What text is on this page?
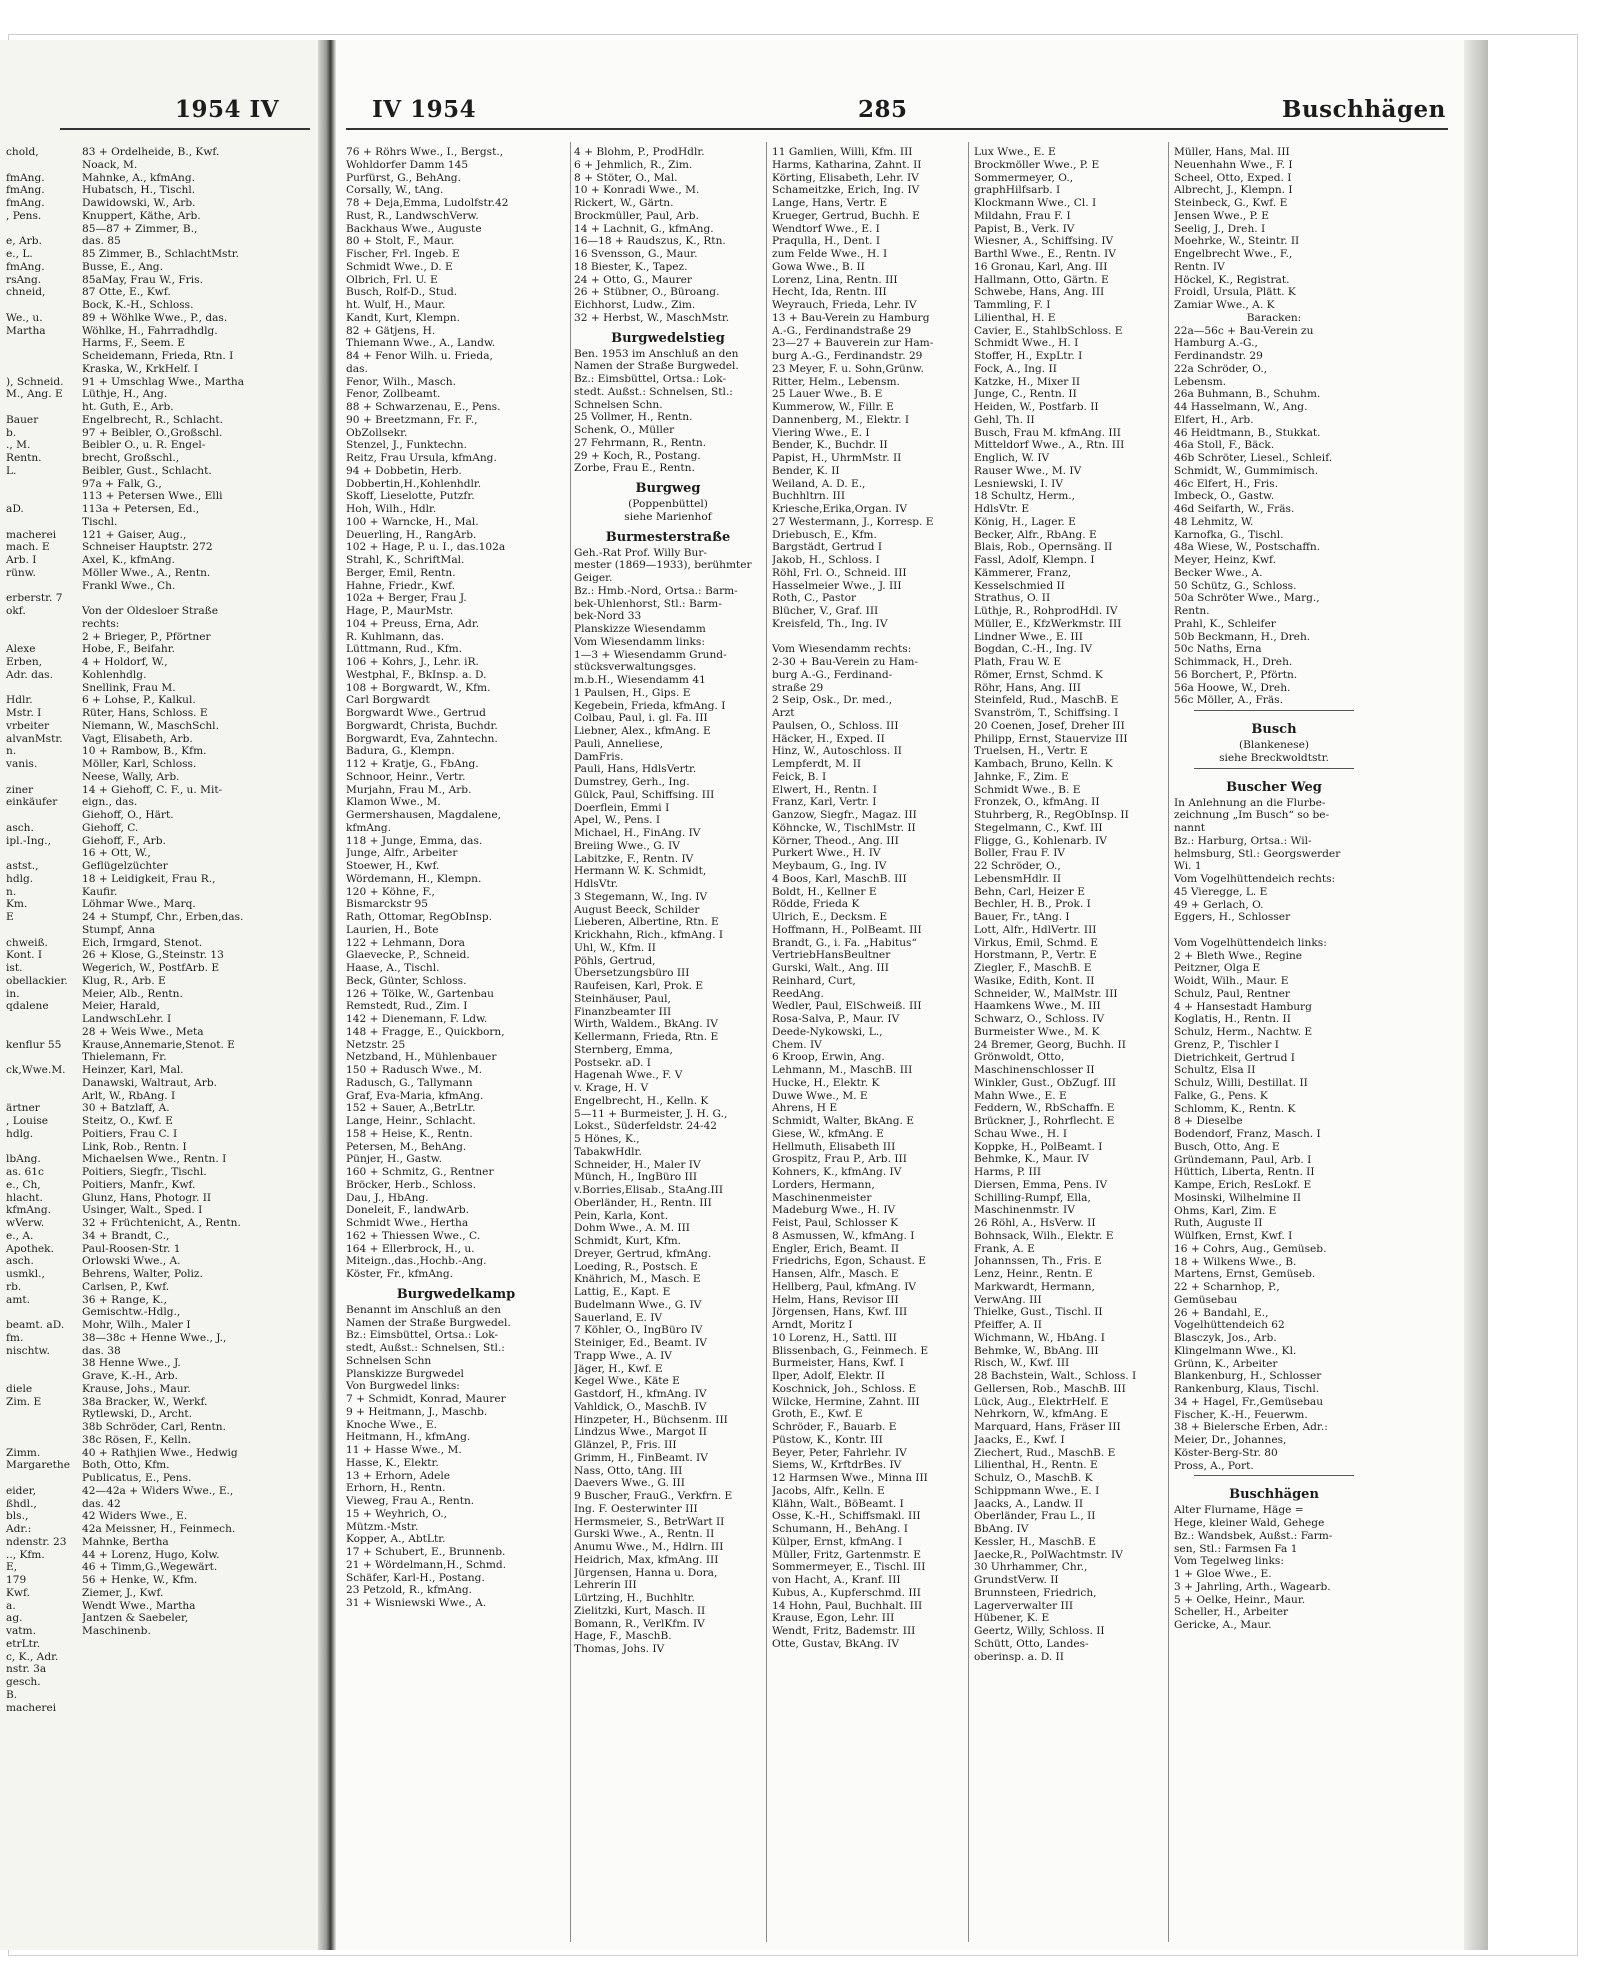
chold,

fmAng.
fmAng.
fmAng.
, Pens.

e, Arb.
e., L.
fmAng.
rsAng.
chneid,

We., u.
Martha

), Schneid.
M., Ang. E

Bauer
b.
., M.
Rentn.
L.

aD.

macherei
mach. E
Arb. I
rünw.

erberstr. 7
okf.

Alexe
Erben,
Adr. das.

Hdlr.
Mstr. I
vrbeiter
alvanMstr.
n.
vanis.

ziner
einkäufer

asch.
ipl.-Ing.,

astst.,
hdlg.
n.
Km.
E

chweiß.
Kont. I
ist.
obellackier.
in.
qdalene

kenflur 55

ck,Wwe.M.

ärtner
, Louise
hdlg.

lbAng.
as. 61c
e., Ch,
hlacht.
kfmAng.
wVerw.
e., A.
Apothek.
asch.
usmkl.,
rb.
amt.

beamt. aD.
fm.
nischtw.

diele
Zim. E

Zimm.
Margarethe

eider,
ßhdl.,
bls.,
Adr.:
ndenstr. 23
.., Kfm.
E,
179
Kwf.
a.
ag.
vatm.
etrLtr.
c, K., Adr.
nstr. 3a
gesch.
B.
macherei
1954 IV	IV 1954	285	Buschhägen
83 + Ordelheide, B., Kwf.
Noack, M.
Mahnke, A., kfmAng.
Hubatsch, H., Tischl.
Dawidowski, W., Arb.
Knuppert, Käthe, Arb.
85—87 + Zimmer, B.,
das. 85
85 Zimmer, B., SchlachtMstr.
Busse, E., Ang.
85aMay, Frau W., Fris.
87 Otte, E., Kwf.
Bock, K.-H., Schloss.
89 + Wöhlke Wwe., P., das.
Wöhlke, H., Fahrradhdlg.
Harms, F., Seem. E
Scheidemann, Frieda, Rtn. I
Kraska, W., KrkHelf. I
91 + Umschlag Wwe., Martha
Lüthje, H., Ang.
ht. Guth, E., Arb.
Engelbrecht, R., Schlacht.
97 + Beibler, O.,Großschl.
Beibler O., u. R. Engel-
brecht, Großschl.,
Beibler, Gust., Schlacht.
97a + Falk, G.,
113 + Petersen Wwe., Elli
113a + Petersen, Ed.,
Tischl.
121 + Gaiser, Aug.,
Schneiser Hauptstr. 272
Axel, K., kfmAng.
Möller Wwe., A., Rentn.
Frankl Wwe., Ch.

Von der Oldesloer Straße
rechts:
2 + Brieger, P., Pförtner
Hobe, F., Beifahr.
4 + Holdorf, W.,
Kohlenhdlg.
Snellink, Frau M.
6 + Lohse, P., Kalkul.
Rüter, Hans, Schloss. E
Niemann, W., MaschSchl.
Vagt, Elisabeth, Arb.
10 + Rambow, B., Kfm.
Möller, Karl, Schloss.
Neese, Wally, Arb.
14 + Giehoff, C. F., u. Mit-
eign., das.
Giehoff, O., Härt.
Giehoff, C.
Giehoff, F., Arb.
16 + Ott, W.,
Geflügelzüchter
18 + Leidigkeit, Frau R.,
Kaufir.
Löhmar Wwe., Marq.
24 + Stumpf, Chr., Erben,das.
Stumpf, Anna
Eich, Irmgard, Stenot.
26 + Klose, G.,Steinstr. 13
Wegerich, W., PostfArb. E
Klug, R., Arb. E
Meier, Alb., Rentn.
Meier, Harald,
LandwschLehr. I
28 + Weis Wwe., Meta
Krause,Annemarie,Stenot. E
Thielemann, Fr.
Heinzer, Karl, Mal.
Danawski, Waltraut, Arb.
Arlt, W., RbAng. I
30 + Batzlaff, A.
Steitz, O., Kwf. E
Poitiers, Frau C. I
Link, Rob., Rentn. I
Michaelsen Wwe., Rentn. I
Poitiers, Siegfr., Tischl.
Poitiers, Manfr., Kwf.
Glunz, Hans, Photogr. II
Usinger, Walt., Sped. I
32 + Früchtenicht, A., Rentn.
34 + Brandt, C.,
Paul-Roosen-Str. 1
Orlowski Wwe., A.
Behrens, Walter, Poliz.
Carlsen, P., Kwf.
36 + Range, K.,
Gemischtw.-Hdlg.,
Mohr, Wilh., Maler I
38—38c + Henne Wwe., J.,
das. 38
38 Henne Wwe., J.
Grave, K.-H., Arb.
Krause, Johs., Maur.
38a Bracker, W., Werkf.
Rytlewski, D., Archt.
38b Schröder, Carl, Rentn.
38c Rösen, F., Kelln.
40 + Rathjien Wwe., Hedwig
Both, Otto, Kfm.
Publicatus, E., Pens.
42—42a + Widers Wwe., E.,
das. 42
42 Widers Wwe., E.
42a Meissner, H., Feinmech.
Mahnke, Bertha
44 + Lorenz, Hugo, Kolw.
46 + Timm,G.,Wegewärt.
56 + Henke, W., Kfm.
Ziemer, J., Kwf.
Wendt Wwe., Martha
Jantzen & Saebeler,
Maschinenb.
76 + Röhrs Wwe., I., Bergst.,
Wohldorfer Damm 145
Purfürst, G., BehAng.
Corsally, W., tAng.
78 + Deja,Emma, Ludolfstr.42
Rust, R., LandwschVerw.
Backhaus Wwe., Auguste
80 + Stolt, F., Maur.
Fischer, Frl. Ingeb. E
Schmidt Wwe., D. E
Olbrich, Frl. U. E
Busch, Rolf-D., Stud.
ht. Wulf, H., Maur.
Kandt, Kurt, Klempn.
82 + Gätjens, H.
Thiemann Wwe., A., Landw.
84 + Fenor Wilh. u. Frieda,
das.
Fenor, Wilh., Masch.
Fenor, Zollbeamt.
88 + Schwarzenau, E., Pens.
90 + Breetzmann, Fr. F.,
ObZollsekr.
Stenzel, J., Funktechn.
Reitz, Frau Ursula, kfmAng.
94 + Dobbetin, Herb.
Dobbertin,H.,Kohlenhdlr.
Skoff, Lieselotte, Putzfr.
Hoh, Wilh., Hdlr.
100 + Warncke, H., Mal.
Deuerling, H., RangArb.
102 + Hage, P. u. I., das.102a
Strahl, K., SchriftMal.
Berger, Emil, Rentn.
Hahne, Friedr., Kwf.
102a + Berger, Frau J.
Hage, P., MaurMstr.
104 + Preuss, Erna, Adr.
R. Kuhlmann, das.
Lüttmann, Rud., Kfm.
106 + Kohrs, J., Lehr. iR.
Westphal, F., BkInsp. a. D.
108 + Borgwardt, W., Kfm.
Carl Borgwardt
Borgwardt Wwe., Gertrud
Borgwardt, Christa, Buchdr.
Borgwardt, Eva, Zahntechn.
Badura, G., Klempn.
112 + Kratje, G., FbAng.
Schnoor, Heinr., Vertr.
Murjahn, Frau M., Arb.
Klamon Wwe., M.
Germershausen, Magdalene,
kfmAng.
118 + Junge, Emma, das.
Junge, Alfr., Arbeiter
Stoewer, H., Kwf.
Wördemann, H., Klempn.
120 + Köhne, F.,
Bismarckstr 95
Rath, Ottomar, RegObInsp.
Laurien, H., Bote
122 + Lehmann, Dora
Glaevecke, P., Schneid.
Haase, A., Tischl.
Beck, Günter, Schloss.
126 + Tölke, W., Gartenbau
Remstedt, Rud., Zim. I
142 + Dienemann, F. Ldw.
148 + Fragge, E., Quickborn,
Netzstr. 25
Netzband, H., Mühlenbauer
150 + Radusch Wwe., M.
Radusch, G., Tallymann
Graf, Eva-Maria, kfmAng.
152 + Sauer, A.,BetrLtr.
Lange, Heinr., Schlacht.
158 + Heise, K., Rentn.
Petersen, M., BehAng.
Pünjer, H., Gastw.
160 + Schmitz, G., Rentner
Bröcker, Herb., Schloss.
Dau, J., HbAng.
Doneleit, F., landwArb.
Schmidt Wwe., Hertha
162 + Thiessen Wwe., C.
164 + Ellerbrock, H., u.
Miteign.,das.,Hochb.-Ang.
Köster, Fr., kfmAng.
Burgwedelkamp
Benannt im Anschluß an den
Namen der Straße Burgwedel.
Bz.: Eimsbüttel, Ortsa.: Lok-
stedt, Außst.: Schnelsen, Stl.:
Schnelsen Schn
Planskizze Burgwedel
Von Burgwedel links:
7 + Schmidt, Konrad, Maurer
9 + Heitmann, J., Maschb.
Knoche Wwe., E.
Heitmann, H., kfmAng.
11 + Hasse Wwe., M.
Hasse, K., Elektr.
13 + Erhorn, Adele
Erhorn, H., Rentn.
Vieweg, Frau A., Rentn.
15 + Weyhrich, O.,
Mützm.-Mstr.
Kopper, A., AbtLtr.
17 + Schubert, E., Brunnenb.
21 + Wördelmann,H., Schmd.
Schäfer, Karl-H., Postang.
23 Petzold, R., kfmAng.
31 + Wisniewski Wwe., A.
4 + Blohm, P., ProdHdlr.
6 + Jehmlich, R., Zim.
8 + Stöter, O., Mal.
10 + Konradi Wwe., M.
Rickert, W., Gärtn.
Brockmüller, Paul, Arb.
14 + Lachnit, G., kfmAng.
16—18 + Raudszus, K., Rtn.
16 Svensson, G., Maur.
18 Biester, K., Tapez.
24 + Otto, G., Maurer
26 + Stübner, O., Büroang.
Eichhorst, Ludw., Zim.
32 + Herbst, W., MaschMstr.
Burgwedelstieg
Ben. 1953 im Anschluß an den
Namen der Straße Burgwedel.
Bz.: Eimsbüttel, Ortsa.: Lok-
stedt. Außst.: Schnelsen, Stl.:
Schnelsen Schn.
25 Vollmer, H., Rentn.
Schenk, O., Müller
27 Fehrmann, R., Rentn.
29 + Koch, R., Postang.
Zorbe, Frau E., Rentn.
Burgweg
(Poppenbüttel)
siehe Marienhof
Burmesterstraße
Geh.-Rat Prof. Willy Bur-
mester (1869—1933), berühmter
Geiger.
Bz.: Hmb.-Nord, Ortsa.: Barm-
bek-Uhlenhorst, Stl.: Barm-
bek-Nord 33
Planskizze Wiesendamm
Vom Wiesendamm links:
1—3 + Wiesendamm Grund-
stücksverwaltungsges.
m.b.H., Wiesendamm 41
1 Paulsen, H., Gips. E
Kegebein, Frieda, kfmAng. I
Colbau, Paul, i. gl. Fa. III
Liebner, Alex., kfmAng. E
Pauli, Anneliese,
DamFris.
Pauli, Hans, HdlsVertr.
Dumstrey, Gerh., Ing.
Gülck, Paul, Schiffsing. III
Doerflein, Emmi I
Apel, W., Pens. I
Michael, H., FinAng. IV
Breiing Wwe., G. IV
Labitzke, F., Rentn. IV
Hermann W. K. Schmidt,
HdlsVtr.
3 Stegemann, W., Ing. IV
August Beeck, Schilder
Lieberen, Albertine, Rtn. E
Krickhahn, Rich., kfmAng. I
Uhl, W., Kfm. II
Pöhls, Gertrud,
Übersetzungsbüro III
Raufeisen, Karl, Prok. E
Steinhäuser, Paul,
Finanzbeamter III
Wirth, Waldem., BkAng. IV
Kellermann, Frieda, Rtn. E
Sternberg, Emma,
Postsekr. aD. I
Hagenah Wwe., F. V
v. Krage, H. V
Engelbrecht, H., Kelln. K
5—11 + Burmeister, J. H. G.,
Lokst., Süderfeldstr. 24-42
5 Hönes, K.,
TabakwHdlr.
Schneider, H., Maler IV
Münch, H., IngBüro III
v.Borries,Elisab., StaAng.III
Oberländer, H., Rentn. III
Pein, Karla, Kont.
Dohm Wwe., A. M. III
Schmidt, Kurt, Kfm.
Dreyer, Gertrud, kfmAng.
Loeding, R., Postsch. E
Knährich, M., Masch. E
Lattig, E., Kapt. E
Budelmann Wwe., G. IV
Sauerland, E. IV
7 Köhler, O., IngBüro IV
Steiniger, Ed., Beamt. IV
Trapp Wwe., A. IV
Jäger, H., Kwf. E
Kegel Wwe., Käte E
Gastdorf, H., kfmAng. IV
Vahldick, O., MaschB. IV
Hinzpeter, H., Büchsenm. III
Lindzus Wwe., Margot II
Glänzel, P., Fris. III
Grimm, H., FinBeamt. IV
Nass, Otto, tAng. III
Daevers Wwe., G. III
9 Buscher, FrauG., Verkfrn. E
Ing. F. Oesterwinter III
Hermsmeier, S., BetrWart II
Gurski Wwe., A., Rentn. II
Anumu Wwe., M., Hdlrn. III
Heidrich, Max, kfmAng. III
Jürgensen, Hanna u. Dora,
Lehrerin III
Lürtzing, H., Buchhltr.
Zielitzki, Kurt, Masch. II
Bomann, R., VerlKfm. IV
Hage, F., MaschB.
Thomas, Johs. IV
11 Gamlien, Willi, Kfm. III
Harms, Katharina, Zahnt. II
Körting, Elisabeth, Lehr. IV
Schameitzke, Erich, Ing. IV
Lange, Hans, Vertr. E
Krueger, Gertrud, Buchh. E
Wendtorf Wwe., E. I
Praqulla, H., Dent. I
zum Felde Wwe., H. I
Gowa Wwe., B. II
Lorenz, Lina, Rentn. III
Hecht, Ida, Rentn. III
Weyrauch, Frieda, Lehr. IV
13 + Bau-Verein zu Hamburg
A.-G., Ferdinandstraße 29
23—27 + Bauverein zur Ham-
burg A.-G., Ferdinandstr. 29
23 Meyer, F. u. Sohn,Grünw.
Ritter, Helm., Lebensm.
25 Lauer Wwe., B. E
Kummerow, W., Fillr. E
Dannenberg, M., Elektr. I
Viering Wwe., E. I
Bender, K., Buchdr. II
Papist, H., UhrmMstr. II
Bender, K. II
Weiland, A. D. E.,
Buchhltrn. III
Kriesche,Erika,Organ. IV
27 Westermann, J., Korresp. E
Driebusch, E., Kfm.
Bargstädt, Gertrud I
Jakob, H., Schloss. I
Röhl, Frl. O., Schneid. III
Hasselmeier Wwe., J. III
Roth, C., Pastor
Blücher, V., Graf. III
Kreisfeld, Th., Ing. IV

Vom Wiesendamm rechts:
2-30 + Bau-Verein zu Ham-
burg A.-G., Ferdinand-
straße 29
2 Seip, Osk., Dr. med.,
Arzt
Paulsen, O., Schloss. III
Häcker, H., Exped. II
Hinz, W., Autoschloss. II
Lempferdt, M. II
Feick, B. I
Elwert, H., Rentn. I
Franz, Karl, Vertr. I
Ganzow, Siegfr., Magaz. III
Köhncke, W., TischlMstr. II
Körner, Theod., Ang. III
Purkert Wwe., H. IV
Meybaum, G., Ing. IV
4 Boos, Karl, MaschB. III
Boldt, H., Kellner E
Rödde, Frieda K
Ulrich, E., Decksm. E
Hoffmann, H., PolBeamt. III
Brandt, G., i. Fa. „Habitus“
VertriebHansBeultner
Gurski, Walt., Ang. III
Reinhard, Curt,
ReedAng.
Wedler, Paul, ElSchweiß. III
Rosa-Salva, P., Maur. IV
Deede-Nykowski, L.,
Chem. IV
6 Kroop, Erwin, Ang.
Lehmann, M., MaschB. III
Hucke, H., Elektr. K
Duwe Wwe., M. E
Ahrens, H E
Schmidt, Walter, BkAng. E
Giese, W., kfmAng. E
Hellmuth, Elisabeth III
Grospitz, Frau P., Arb. III
Kohners, K., kfmAng. IV
Lorders, Hermann,
Maschinenmeister
Madeburg Wwe., H. IV
Feist, Paul, Schlosser K
8 Asmussen, W., kfmAng. I
Engler, Erich, Beamt. II
Friedrichs, Egon, Schaust. E
Hansen, Alfr., Masch. E
Hellberg, Paul, kfmAng. IV
Helm, Hans, Revisor III
Jörgensen, Hans, Kwf. III
Arndt, Moritz I
10 Lorenz, H., Sattl. III
Blissenbach, G., Feinmech. E
Burmeister, Hans, Kwf. I
Ilper, Adolf, Elektr. II
Koschnick, Joh., Schloss. E
Wilcke, Hermine, Zahnt. III
Groth, E., Kwf. E
Schröder, F., Bauarb. E
Püstow, K., Kontr. III
Beyer, Peter, Fahrlehr. IV
Siems, W., KrftdrBes. IV
12 Harmsen Wwe., Minna III
Jacobs, Alfr., Kelln. E
Klähn, Walt., BöBeamt. I
Osse, K.-H., Schiffsmakl. III
Schumann, H., BehAng. I
Külper, Ernst, kfmAng. I
Müller, Fritz, Gartenmstr. E
Sommermeyer, E., Tischl. III
von Hacht, A., Kranf. III
Kubus, A., Kupferschmd. III
14 Hohn, Paul, Buchhalt. III
Krause, Egon, Lehr. III
Wendt, Fritz, Bademstr. III
Otte, Gustav, BkAng. IV
Lux Wwe., E. E
Brockmöller Wwe., P. E
Sommermeyer, O.,
graphHilfsarb. I
Klockmann Wwe., Cl. I
Mildahn, Frau F. I
Papist, B., Verk. IV
Wiesner, A., Schiffsing. IV
Barthl Wwe., E., Rentn. IV
16 Gronau, Karl, Ang. III
Hallmann, Otto, Gärtn. E
Schwebe, Hans, Ang. III
Tammling, F. I
Lilienthal, H. E
Cavier, E., StahlbSchloss. E
Schmidt Wwe., H. I
Stoffer, H., ExpLtr. I
Fock, A., Ing. II
Katzke, H., Mixer II
Junge, C., Rentn. II
Heiden, W., Postfarb. II
Gehl, Th. II
Busch, Frau M. kfmAng. III
Mitteldorf Wwe., A., Rtn. III
Englich, W. IV
Rauser Wwe., M. IV
Lesniewski, I. IV
18 Schultz, Herm.,
HdlsVtr. E
König, H., Lager. E
Becker, Alfr., RbAng. E
Blais, Rob., Opernsäng. II
Fassl, Adolf, Klempn. I
Kämmerer, Franz,
Kesselschmied II
Strathus, O. II
Lüthje, R., RohprodHdl. IV
Müller, E., KfzWerkmstr. III
Lindner Wwe., E. III
Bogdan, C.-H., Ing. IV
Plath, Frau W. E
Römer, Ernst, Schmd. K
Röhr, Hans, Ang. III
Steinfeld, Rud., MaschB. E
Svanström, T., Schiffsing. I
20 Coenen, Josef, Dreher III
Philipp, Ernst, Stauervize III
Truelsen, H., Vertr. E
Kambach, Bruno, Kelln. K
Jahnke, F., Zim. E
Schmidt Wwe., B. E
Fronzek, O., kfmAng. II
Stuhrberg, R., RegObInsp. II
Stegelmann, C., Kwf. III
Fligge, G., Kohlenarb. IV
Boller, Frau F. IV
22 Schröder, O.,
LebensmHdlr. II
Behn, Carl, Heizer E
Bechler, H. B., Prok. I
Bauer, Fr., tAng. I
Lott, Alfr., HdlVertr. III
Virkus, Emil, Schmd. E
Horstmann, P., Vertr. E
Ziegler, F., MaschB. E
Wasike, Edith, Kont. II
Schneider, W., MalMstr. III
Haamkens Wwe., M. III
Schwarz, O., Schloss. IV
Burmeister Wwe., M. K
24 Bremer, Georg, Buchh. II
Grönwoldt, Otto,
Maschinenschlosser II
Winkler, Gust., ObZugf. III
Mahn Wwe., E. E
Feddern, W., RbSchaffn. E
Brückner, J., Rohrflecht. E
Schau Wwe., H. I
Koppke, H., PolBeamt. I
Behmke, K., Maur. IV
Harms, P. III
Diersen, Emma, Pens. IV
Schilling-Rumpf, Ella,
Maschinenmstr. IV
26 Röhl, A., HsVerw. II
Bohnsack, Wilh., Elektr. E
Frank, A. E
Johannssen, Th., Fris. E
Lenz, Heinr., Rentn. E
Markwardt, Hermann,
VerwAng. III
Thielke, Gust., Tischl. II
Pfeiffer, A. II
Wichmann, W., HbAng. I
Behmke, W., BbAng. III
Risch, W., Kwf. III
28 Bachstein, Walt., Schloss. I
Gellersen, Rob., MaschB. III
Lück, Aug., ElektrHelf. E
Nehrkorn, W., kfmAng. E
Marquard, Hans, Fräser III
Jaacks, E., Kwf. I
Ziechert, Rud., MaschB. E
Lilienthal, H., Rentn. E
Schulz, O., MaschB. K
Schippmann Wwe., E. I
Jaacks, A., Landw. II
Oberländer, Frau L., II
BbAng. IV
Kessler, H., MaschB. E
Jaecke,R., PolWachtmstr. IV
30 Uhrhammer, Chr.,
GrundstVerw. II
Brunnsteen, Friedrich,
Lagerverwalter III
Hübener, K. E
Geertz, Willy, Schloss. II
Schütt, Otto, Landes-
oberinsp. a. D. II
Müller, Hans, Mal. III
Neuenhahn Wwe., F. I
Scheel, Otto, Exped. I
Albrecht, J., Klempn. I
Steinbeck, G., Kwf. E
Jensen Wwe., P. E
Seelig, J., Dreh. I
Moehrke, W., Steintr. II
Engelbrecht Wwe., F.,
Rentn. IV
Höckel, K., Registrat.
Froidl, Ursula, Plätt. K
Zamiar Wwe., A. K
Baracken:
22a—56c + Bau-Verein zu
Hamburg A.-G.,
Ferdinandstr. 29
22a Schröder, O.,
Lebensm.
26a Buhmann, B., Schuhm.
44 Hasselmann, W., Ang.
Elfert, H., Arb.
46 Heidtmann, B., Stukkat.
46a Stoll, F., Bäck.
46b Schröter, Liesel., Schleif.
Schmidt, W., Gummimisch.
46c Elfert, H., Fris.
Imbeck, O., Gastw.
46d Seifarth, W., Fräs.
48 Lehmitz, W.
Karnofka, G., Tischl.
48a Wiese, W., Postschaffn.
Meyer, Heinz, Kwf.
Becker Wwe., A.
50 Schütz, G., Schloss.
50a Schröter Wwe., Marg.,
Rentn.
Prahl, K., Schleifer
50b Beckmann, H., Dreh.
50c Naths, Erna
Schimmack, H., Dreh.
56 Borchert, P., Pförtn.
56a Hoowe, W., Dreh.
56c Möller, A., Fräs.
Busch
(Blankenese)
siehe Breckwoldtstr.
Buscher Weg
In Anlehnung an die Flurbe-
zeichnung „Im Busch“ so be-
nannt
Bz.: Harburg, Ortsa.: Wil-
helmsburg, Stl.: Georgswerder
Wi. 1
Vom Vogelhüttendeich rechts:
45 Vieregge, L. E
49 + Gerlach, O.
Eggers, H., Schlosser

Vom Vogelhüttendeich links:
2 + Bleth Wwe., Regine
Peitzner, Olga E
Woidt, Wilh., Maur. E
Schulz, Paul, Rentner
4 + Hansestadt Hamburg
Koglatis, H., Rentn. II
Schulz, Herm., Nachtw. E
Grenz, P., Tischler I
Dietrichkeit, Gertrud I
Schultz, Elsa II
Schulz, Willi, Destillat. II
Falke, G., Pens. K
Schlomm, K., Rentn. K
8 + Dieselbe
Bodendorf, Franz, Masch. I
Busch, Otto, Ang. E
Gründemann, Paul, Arb. I
Hüttich, Liberta, Rentn. II
Kampe, Erich, ResLokf. E
Mosinski, Wilhelmine II
Ohms, Karl, Zim. E
Ruth, Auguste II
Wülfken, Ernst, Kwf. I
16 + Cohrs, Aug., Gemüseb.
18 + Wilkens Wwe., B.
Martens, Ernst, Gemüseb.
22 + Scharnhop, P.,
Gemüsebau
26 + Bandahl, E.,
Vogelhüttendeich 62
Blasczyk, Jos., Arb.
Klingelmann Wwe., Kl.
Grünn, K., Arbeiter
Blankenburg, H., Schlosser
Rankenburg, Klaus, Tischl.
34 + Hagel, Fr.,Gemüsebau
Fischer, K.-H., Feuerwm.
38 + Bielersche Erben, Adr.:
Meier, Dr., Johannes,
Köster-Berg-Str. 80
Pross, A., Port.
Buschhägen
Alter Flurname, Häge =
Hege, kleiner Wald, Gehege
Bz.: Wandsbek, Außst.: Farm-
sen, Stl.: Farmsen Fa 1
Vom Tegelweg links:
1 + Gloe Wwe., E.
3 + Jahrling, Arth., Wagearb.
5 + Oelke, Heinr., Maur.
Scheller, H., Arbeiter
Gericke, A., Maur.
